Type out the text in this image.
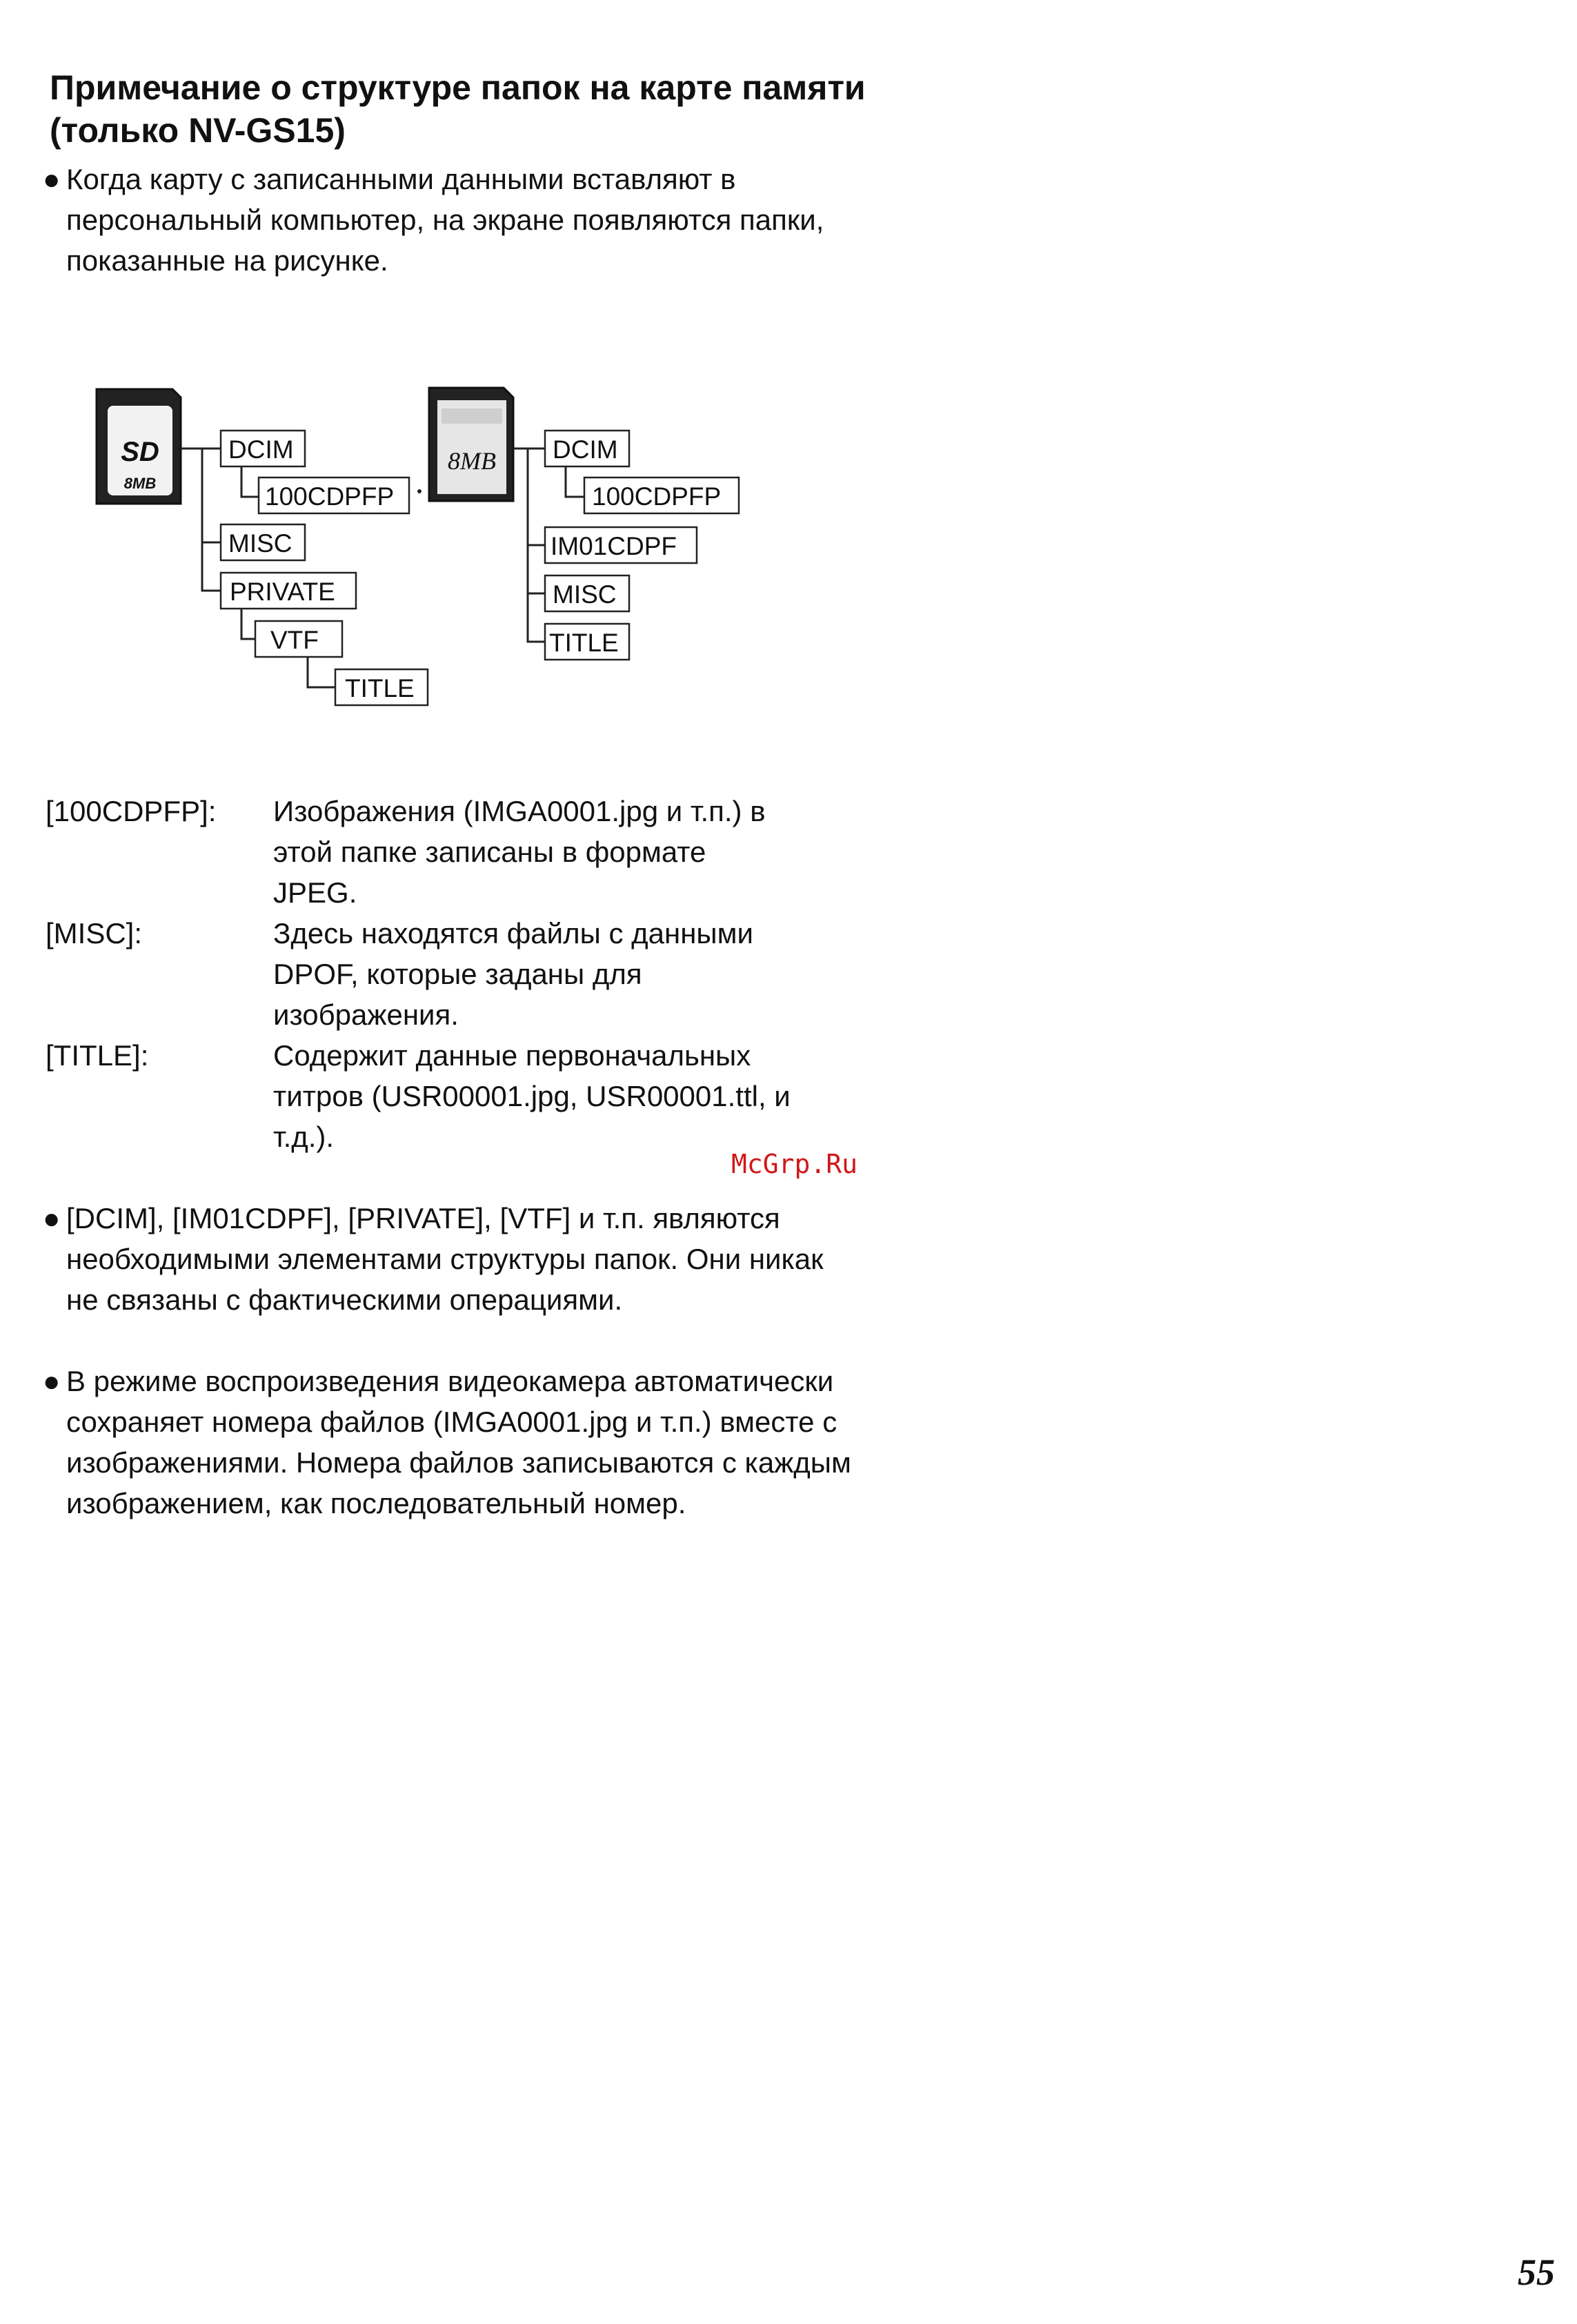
Примечание о структуре папок на карте памяти (только NV-GS15)
● Когда карту с записанными данными вставляют в персональный компьютер, на экране появляются папки, показанные на рисунке.
SD
8MB
DCIM
100CDPFP
MISC
PRIVATE
VTF
TITLE
8MB DCIM
100CDPFP
IM01CDPF
MISC
TITLE
[100CDPFP]: Изображения (IMGA0001.jpg и т.п.) в этой папке записаны в формате JPEG.
[MISC]:	Здесь находятся файлы с данными DPOF, которые заданы для изображения.
[TITLE]:	Содержит данные первоначальных титров (USR00001.jpg, USR00001.ttl, и т.д.).
McGrp.Ru
● [DCIM], [IM01CDPF], [PRIVATE], [VTF] и т.п. являются необходимыми элементами структуры папок. Они никак не связаны с фактическими операциями.
● В режиме воспроизведения видеокамера автоматически сохраняет номера файлов (IMGA0001.jpg и т.п.) вместе с изображениями. Номера файлов записываются с каждым изображением, как последовательный номер.
55
